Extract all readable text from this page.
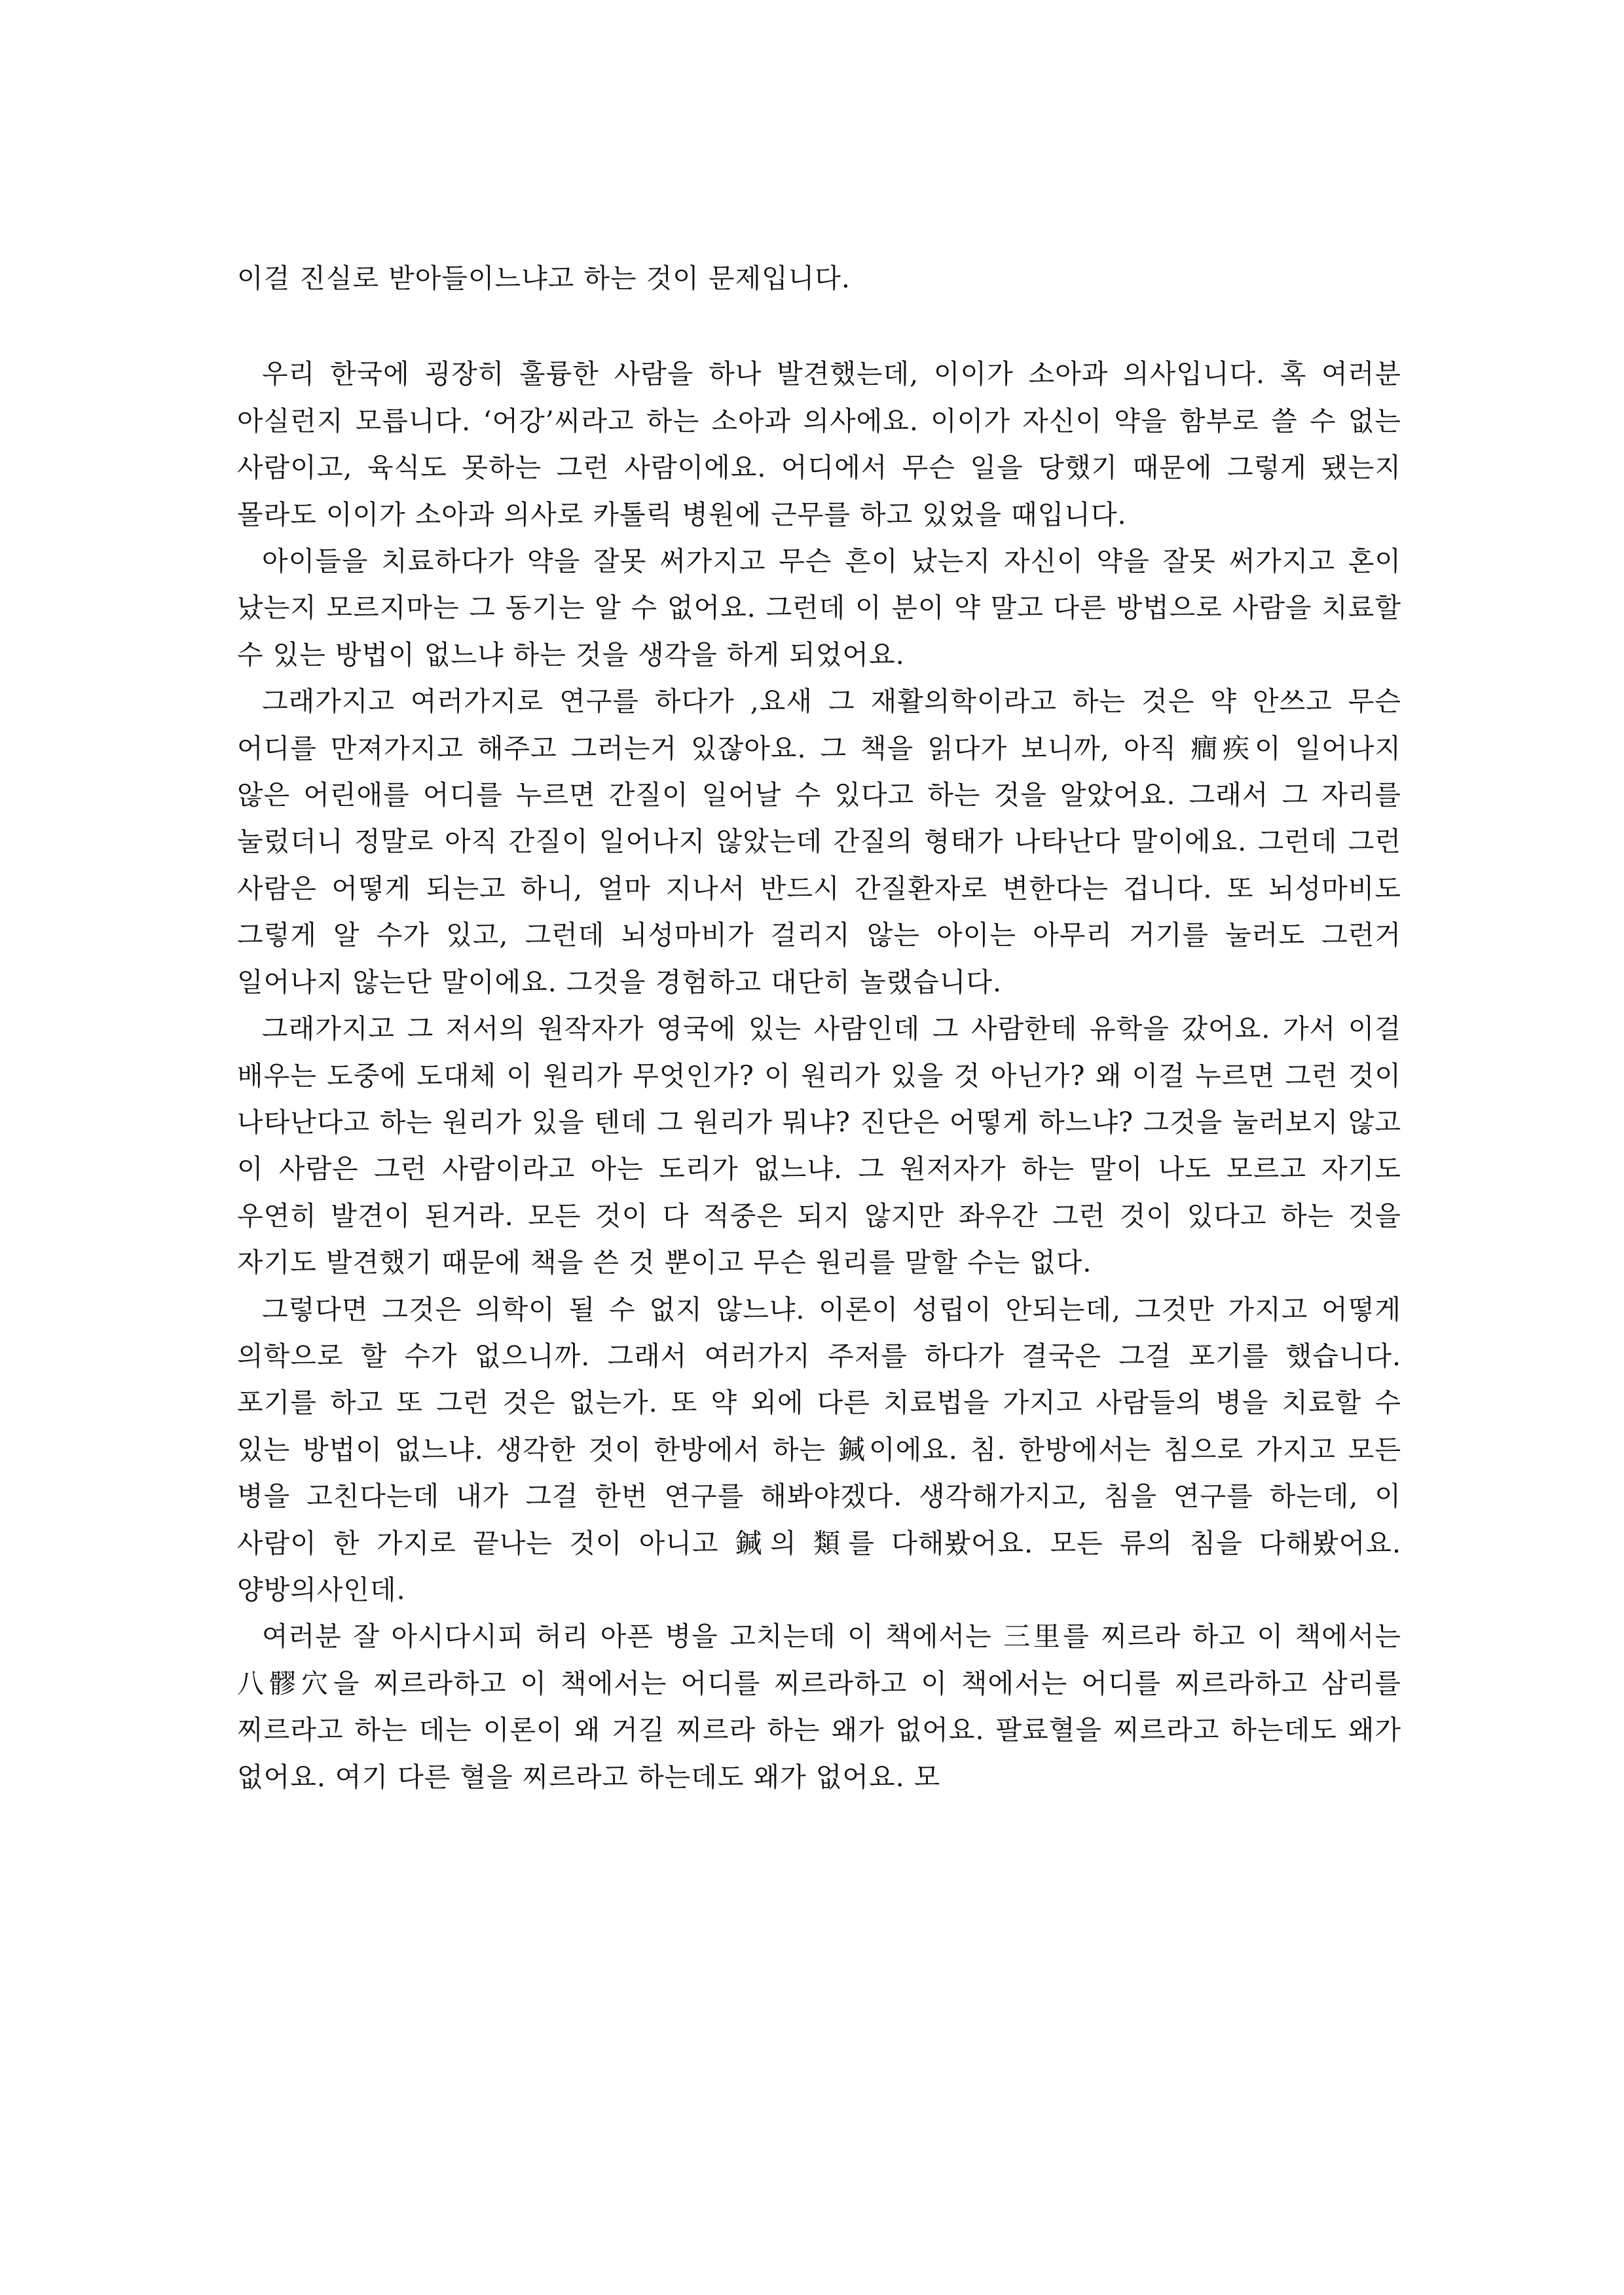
이걸 진실로 받아들이느냐고 하는 것이 문제입니다.

우리 한국에 굉장히 훌륭한 사람을 하나 발견했는데, 이이가 소아과 의사입니다. 혹 여러분 아실런지 모릅니다. ‘어강’씨라고 하는 소아과 의사에요. 이이가 자신이 약을 함부로 쓸 수 없는 사람이고, 육식도 못하는 그런 사람이에요. 어디에서 무슨 일을 당했기 때문에 그렇게 됐는지 몰라도 이이가 소아과 의사로 카톨릭 병원에 근무를 하고 있었을 때입니다.

아이들을 치료하다가 약을 잘못 써가지고 무슨 흔이 났는지 자신이 약을 잘못 써가지고 혼이 났는지 모르지마는 그 동기는 알 수 없어요. 그런데 이 분이 약 말고 다른 방법으로 사람을 치료할 수 있는 방법이 없느냐 하는 것을 생각을 하게 되었어요.

그래가지고 여러가지로 연구를 하다가 ,요새 그 재활의학이라고 하는 것은 약 안쓰고 무슨 어디를 만져가지고 해주고 그러는거 있잖아요. 그 책을 읽다가 보니까, 아직 癎疾이 일어나지 않은 어린애를 어디를 누르면 간질이 일어날 수 있다고 하는 것을 알았어요. 그래서 그 자리를 눌렀더니 정말로 아직 간질이 일어나지 않았는데 간질의 형태가 나타난다 말이에요. 그런데 그런 사람은 어떻게 되는고 하니, 얼마 지나서 반드시 간질환자로 변한다는 겁니다. 또 뇌성마비도 그렇게 알 수가 있고, 그런데 뇌성마비가 걸리지 않는 아이는 아무리 거기를 눌러도 그런거 일어나지 않는단 말이에요. 그것을 경험하고 대단히 놀랬습니다.

그래가지고 그 저서의 원작자가 영국에 있는 사람인데 그 사람한테 유학을 갔어요. 가서 이걸 배우는 도중에 도대체 이 원리가 무엇인가? 이 원리가 있을 것 아닌가? 왜 이걸 누르면 그런 것이 나타난다고 하는 원리가 있을 텐데 그 원리가 뭐냐? 진단은 어떻게 하느냐? 그것을 눌러보지 않고 이 사람은 그런 사람이라고 아는 도리가 없느냐. 그 원저자가 하는 말이 나도 모르고 자기도 우연히 발견이 된거라. 모든 것이 다 적중은 되지 않지만 좌우간 그런 것이 있다고 하는 것을 자기도 발견했기 때문에 책을 쓴 것 뿐이고 무슨 원리를 말할 수는 없다.

그렇다면 그것은 의학이 될 수 없지 않느냐. 이론이 성립이 안되는데, 그것만 가지고 어떻게 의학으로 할 수가 없으니까. 그래서 여러가지 주저를 하다가 결국은 그걸 포기를 했습니다. 포기를 하고 또 그런 것은 없는가. 또 약 외에 다른 치료법을 가지고 사람들의 병을 치료할 수 있는 방법이 없느냐. 생각한 것이 한방에서 하는 鍼이에요. 침. 한방에서는 침으로 가지고 모든 병을 고친다는데 내가 그걸 한번 연구를 해봐야겠다. 생각해가지고, 침을 연구를 하는데, 이 사람이 한 가지로 끝나는 것이 아니고 鍼의 類를 다해봤어요. 모든 류의 침을 다해봤어요. 양방의사인데.

여러분 잘 아시다시피 허리 아픈 병을 고치는데 이 책에서는 三里를 찌르라 하고 이 책에서는 八髎穴을 찌르라하고 이 책에서는 어디를 찌르라하고 이 책에서는 어디를 찌르라하고 삼리를 찌르라고 하는 데는 이론이 왜 거길 찌르라 하는 왜가 없어요. 팔료혈을 찌르라고 하는데도 왜가 없어요. 여기 다른 혈을 찌르라고 하는데도 왜가 없어요. 모
